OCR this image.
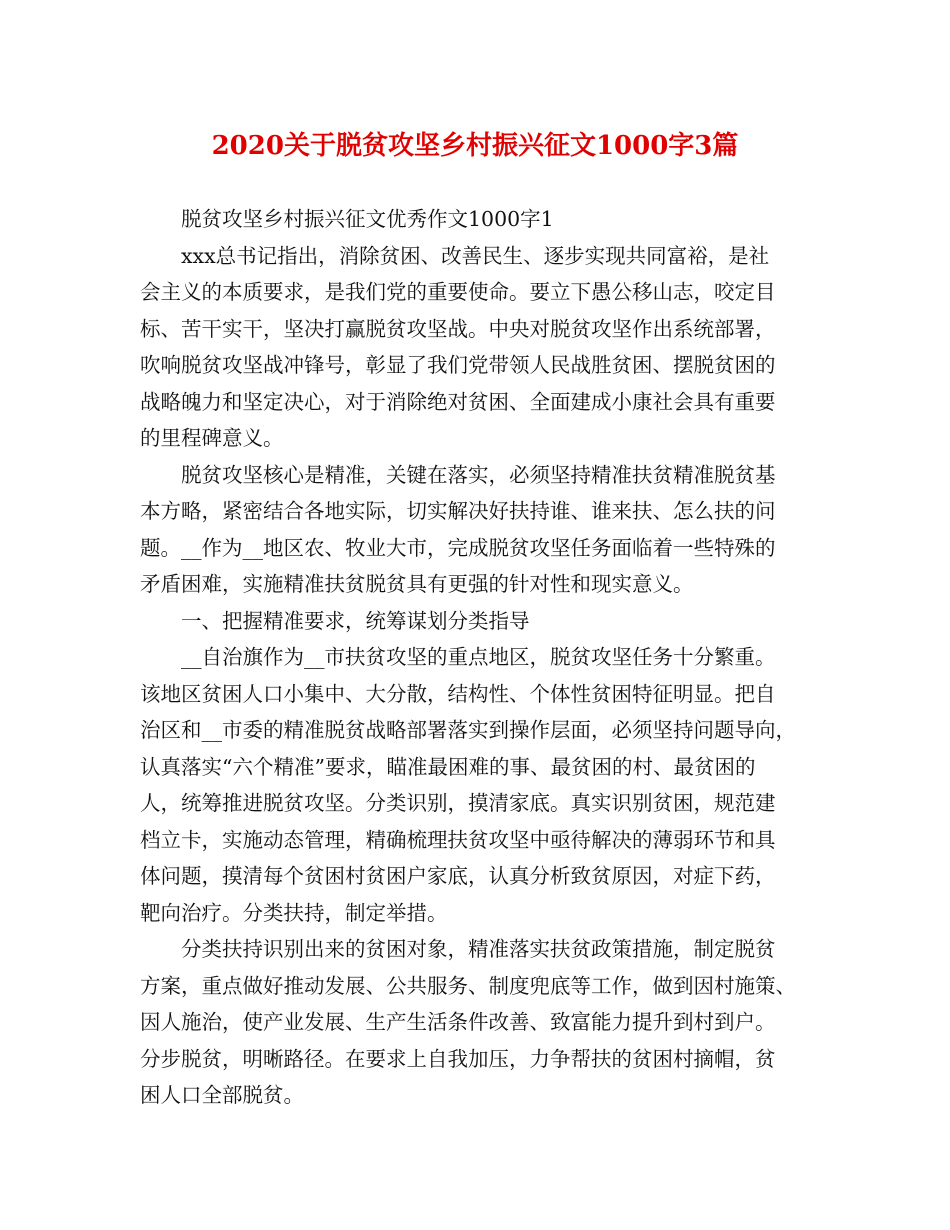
2020关于脱贫攻坚乡村振兴征文1000字3篇
脱贫攻坚乡村振兴征文优秀作文1000字1
xxx总书记指出，消除贫困、改善民生、逐步实现共同富裕，是社
会主义的本质要求，是我们党的重要使命。要立下愚公移山志，咬定目
标、苦干实干，坚决打赢脱贫攻坚战。中央对脱贫攻坚作出系统部署，
吹响脱贫攻坚战冲锋号，彰显了我们党带领人民战胜贫困、摆脱贫困的
战略魄力和坚定决心，对于消除绝对贫困、全面建成小康社会具有重要
的里程碑意义。
脱贫攻坚核心是精准，关键在落实，必须坚持精准扶贫精准脱贫基
本方略，紧密结合各地实际，切实解决好扶持谁、谁来扶、怎么扶的问
题。__作为__地区农、牧业大市，完成脱贫攻坚任务面临着一些特殊的
矛盾困难，实施精准扶贫脱贫具有更强的针对性和现实意义。
一、把握精准要求，统筹谋划分类指导
__自治旗作为__市扶贫攻坚的重点地区，脱贫攻坚任务十分繁重。
该地区贫困人口小集中、大分散，结构性、个体性贫困特征明显。把自
治区和__市委的精准脱贫战略部署落实到操作层面，必须坚持问题导向，
认真落实“六个精准”要求，瞄准最困难的事、最贫困的村、最贫困的
人，统筹推进脱贫攻坚。分类识别，摸清家底。真实识别贫困，规范建
档立卡，实施动态管理，精确梳理扶贫攻坚中亟待解决的薄弱环节和具
体问题，摸清每个贫困村贫困户家底，认真分析致贫原因，对症下药，
靶向治疗。分类扶持，制定举措。
分类扶持识别出来的贫困对象，精准落实扶贫政策措施，制定脱贫
方案，重点做好推动发展、公共服务、制度兜底等工作，做到因村施策、
因人施治，使产业发展、生产生活条件改善、致富能力提升到村到户。
分步脱贫，明晰路径。在要求上自我加压，力争帮扶的贫困村摘帽，贫
困人口全部脱贫。
